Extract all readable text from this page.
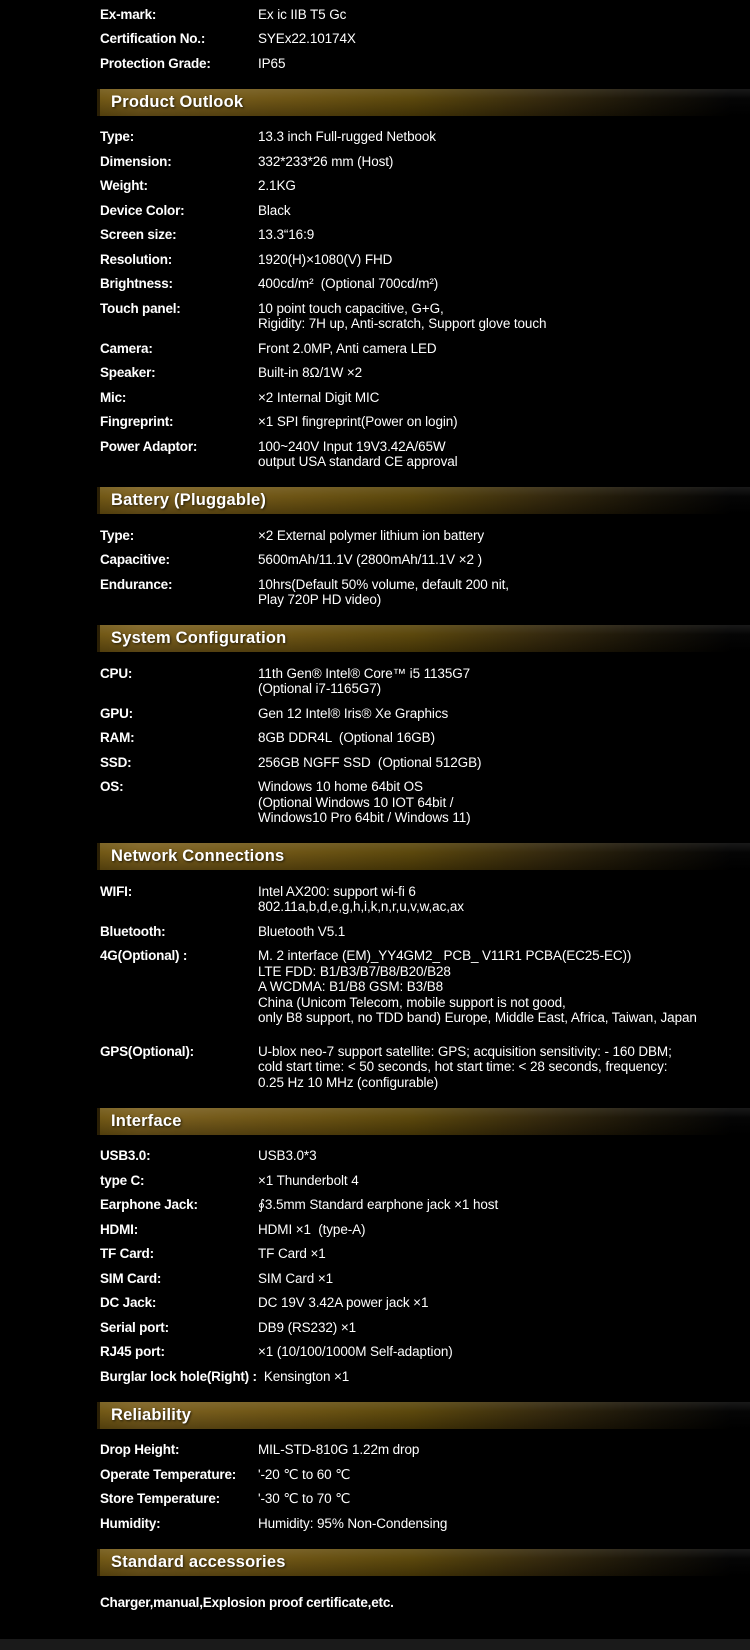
Ex-mark:	Ex ic IIB T5 Gc
Certification No.:	SYEx22.10174X
Protection Grade:	IP65
Product Outlook
Type:	13.3 inch Full-rugged Netbook
Dimension:	332*233*26 mm (Host)
Weight:	2.1KG
Device Color:	Black
Screen size:	13.3“16:9
Resolution:	1920(H)×1080(V) FHD
Brightness:	400cd/m²  (Optional 700cd/m²)
Touch panel:	10 point touch capacitive, G+G,
Rigidity: 7H up, Anti-scratch, Support glove touch
Camera:	Front 2.0MP, Anti camera LED
Speaker:	Built-in 8Ω/1W ×2
Mic:	×2 Internal Digit MIC
Fingreprint:	×1 SPI fingreprint(Power on login)
Power Adaptor:	100~240V Input 19V3.42A/65W
output USA standard CE approval
Battery (Pluggable)
Type:	×2 External polymer lithium ion battery
Capacitive:	5600mAh/11.1V (2800mAh/11.1V ×2 )
Endurance:	10hrs(Default 50% volume, default 200 nit,
Play 720P HD video)
System Configuration
CPU:	11th Gen® Intel® Core™ i5 1135G7
(Optional i7-1165G7)
GPU:	Gen 12 Intel® Iris® Xe Graphics
RAM:	8GB DDR4L  (Optional 16GB)
SSD:	256GB NGFF SSD  (Optional 512GB)
OS:	Windows 10 home 64bit OS
(Optional Windows 10 IOT 64bit /
Windows10 Pro 64bit / Windows 11)
Network Connections
WIFI:	Intel AX200: support wi-fi 6
802.11a,b,d,e,g,h,i,k,n,r,u,v,w,ac,ax
Bluetooth:	Bluetooth V5.1
4G(Optional) :	M. 2 interface (EM)_YY4GM2_ PCB_ V11R1 PCBA(EC25-EC))
LTE FDD: B1/B3/B7/B8/B20/B28
A WCDMA: B1/B8 GSM: B3/B8
China (Unicom Telecom, mobile support is not good,
only B8 support, no TDD band) Europe, Middle East, Africa, Taiwan, Japan
GPS(Optional):	U-blox neo-7 support satellite: GPS; acquisition sensitivity: - 160 DBM;
cold start time: < 50 seconds, hot start time: < 28 seconds, frequency:
0.25 Hz 10 MHz (configurable)
Interface
USB3.0:	USB3.0*3
type C:	×1 Thunderbolt 4
Earphone Jack:	∮3.5mm Standard earphone jack ×1 host
HDMI:	HDMI ×1  (type-A)
TF Card:	TF Card ×1
SIM Card:	SIM Card ×1
DC Jack:	DC 19V 3.42A power jack ×1
Serial port:	DB9 (RS232) ×1
RJ45 port:	×1 (10/100/1000M Self-adaption)
Burglar lock hole(Right) : Kensington ×1
Reliability
Drop Height:	MIL-STD-810G 1.22m drop
Operate Temperature:	'-20 ℃ to 60 ℃
Store Temperature:	'-30 ℃ to 70 ℃
Humidity:	Humidity: 95% Non-Condensing
Standard accessories
Charger,manual,Explosion proof certificate,etc.
